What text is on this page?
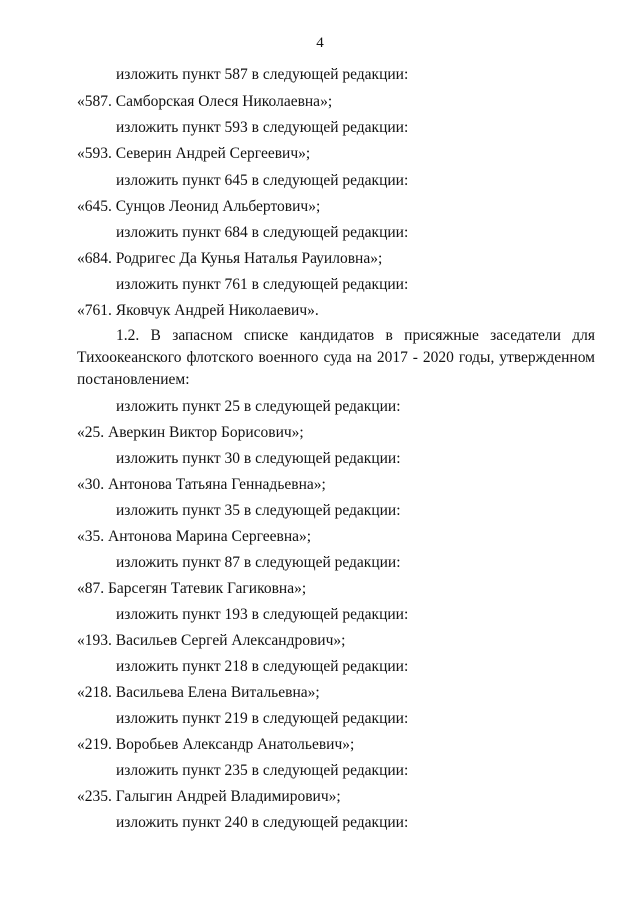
4
изложить пункт 587 в следующей редакции:
«587. Самборская Олеся Николаевна»;
изложить пункт 593 в следующей редакции:
«593. Северин Андрей Сергеевич»;
изложить пункт 645 в следующей редакции:
«645. Сунцов Леонид Альбертович»;
изложить пункт 684 в следующей редакции:
«684. Родригес Да Кунья Наталья Рауиловна»;
изложить пункт 761 в следующей редакции:
«761. Яковчук Андрей Николаевич».
1.2. В запасном списке кандидатов в присяжные заседатели для
Тихоокеанского флотского военного суда на 2017 - 2020 годы, утвержденном
постановлением:
изложить пункт 25 в следующей редакции:
«25. Аверкин Виктор Борисович»;
изложить пункт 30 в следующей редакции:
«30. Антонова Татьяна Геннадьевна»;
изложить пункт 35 в следующей редакции:
«35. Антонова Марина Сергеевна»;
изложить пункт 87 в следующей редакции:
«87. Барсегян Татевик Гагиковна»;
изложить пункт 193 в следующей редакции:
«193. Васильев Сергей Александрович»;
изложить пункт 218 в следующей редакции:
«218. Васильева Елена Витальевна»;
изложить пункт 219 в следующей редакции:
«219. Воробьев Александр Анатольевич»;
изложить пункт 235 в следующей редакции:
«235. Галыгин Андрей Владимирович»;
изложить пункт 240 в следующей редакции:
